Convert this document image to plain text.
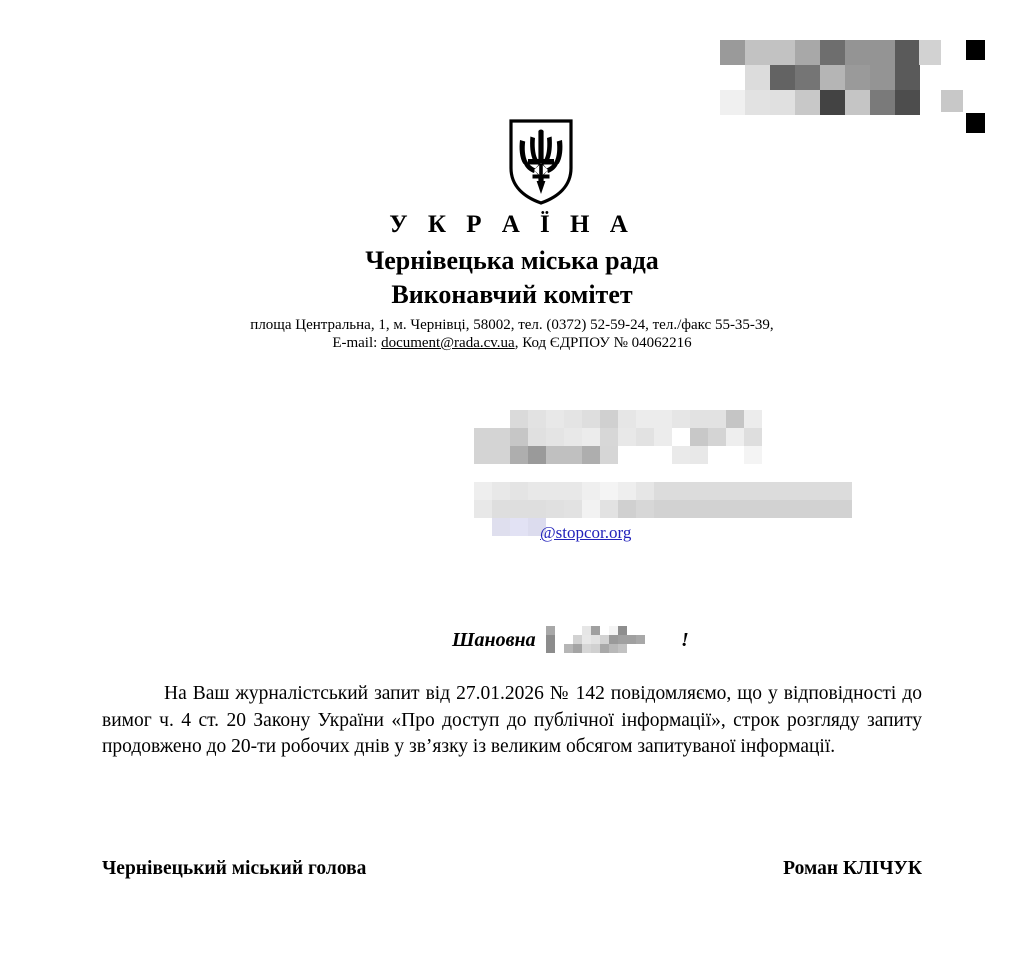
У К Р А Ї Н А
Чернівецька міська рада
Виконавчий комітет
площа Центральна, 1, м. Чернівці, 58002, тел. (0372) 52-59-24, тел./факс 55-35-39,
E-mail: document@rada.cv.ua, Код ЄДРПОУ № 04062216
@stopcor.org
Шановна	!
На Ваш журналістський запит від 27.01.2026 № 142 повідомляємо, що у відповідності до вимог ч. 4 ст. 20 Закону України «Про доступ до публічної інформації», строк розгляду запиту продовжено до 20-ти робочих днів у зв’язку із великим обсягом запитуваної інформації.
Чернівецький міський голова	Роман КЛІЧУК
